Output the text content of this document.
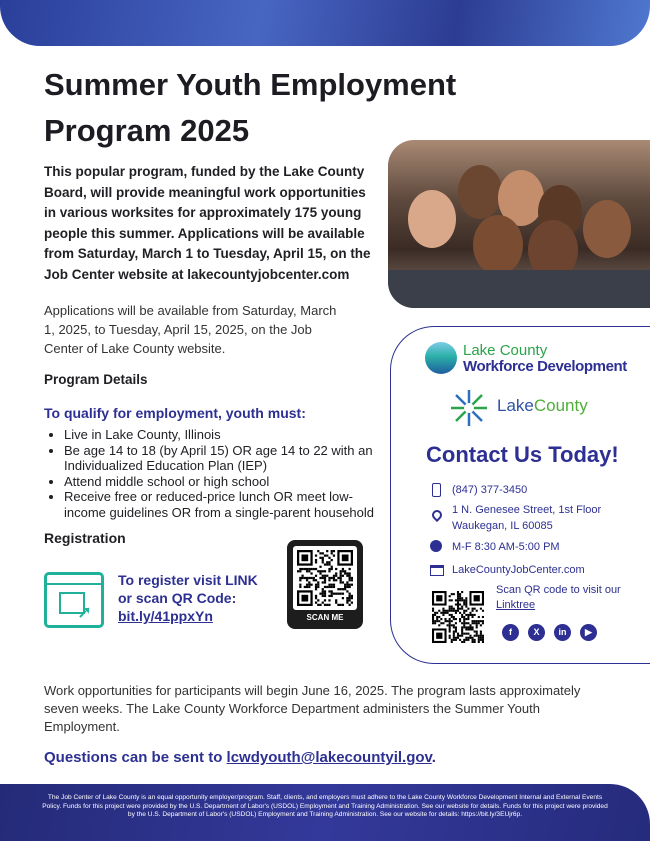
Summer Youth Employment Program 2025

This popular program, funded by the Lake County Board, will provide meaningful work opportunities in various worksites for approximately 175 young people this summer. Applications will be available from Saturday, March 1 to Tuesday, April 15, on the Job Center website at lakecountyjobcenter.com

Applications will be available from Saturday, March 1, 2025, to Tuesday, April 15, 2025, on the Job Center of Lake County website.

Program Details
To qualify for employment, youth must:
• Live in Lake County, Illinois
• Be age 14 to 18 (by April 15) OR age 14 to 22 with an Individualized Education Plan (IEP)
• Attend middle school or high school
• Receive free or reduced-price lunch OR meet low-income guidelines OR from a single-parent household
Registration
➚
To register visit LINK
or scan QR Code:
bit.ly/41ppxYn	SCAN ME
Lake County
Workforce Development
LakeCounty
Contact Us Today!
(847) 377-3450
1 N. Genesee Street, 1st Floor
Waukegan, IL 60085
M-F 8:30 AM-5:00 PM
LakeCountyJobCenter.com
Scan QR code to visit our
Linktree
f	X	in	▶

Work opportunities for participants will begin June 16, 2025. The program lasts approximately seven weeks. The Lake County Workforce Department administers the Summer Youth Employment.

Questions can be sent to lcwdyouth@lakecountyil.gov.
The Job Center of Lake County is an equal opportunity employer/program. Staff, clients, and employers must adhere to the Lake County Workforce Development Internal and External Events Policy. Funds for this project were provided by the U.S. Department of Labor's (USDOL) Employment and Training Administration. See our website for details. Funds for this project were provided by the U.S. Department of Labor's (USDOL) Employment and Training Administration. See our website for details: https://bit.ly/3EUjr6p.
